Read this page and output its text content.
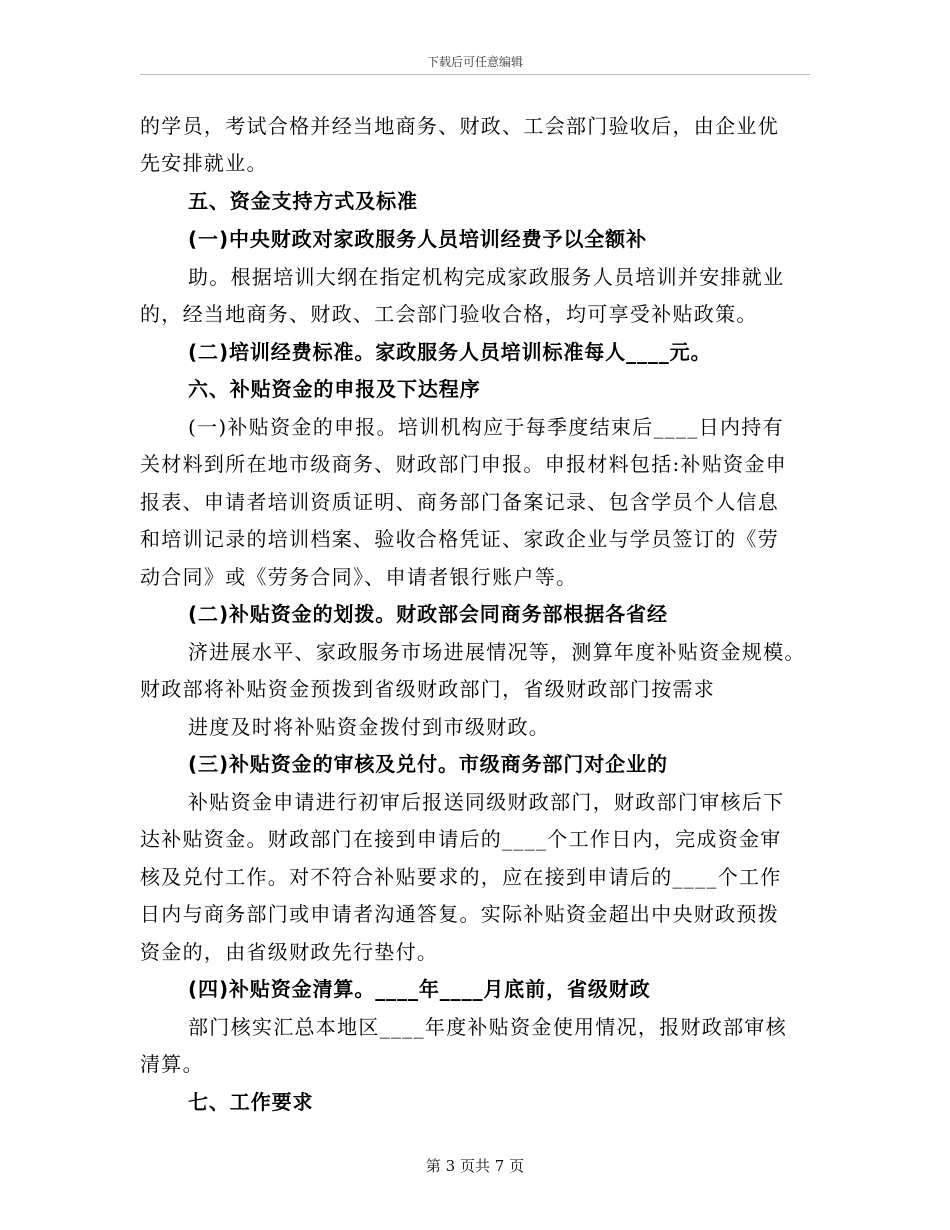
下载后可任意编辑
的学员，考试合格并经当地商务、财政、工会部门验收后，由企业优
先安排就业。
五、资金支持方式及标准
(一)中央财政对家政服务人员培训经费予以全额补
助。根据培训大纲在指定机构完成家政服务人员培训并安排就业
的，经当地商务、财政、工会部门验收合格，均可享受补贴政策。
(二)培训经费标准。家政服务人员培训标准每人____元。
六、补贴资金的申报及下达程序
(一)补贴资金的申报。培训机构应于每季度结束后____日内持有
关材料到所在地市级商务、财政部门申报。申报材料包括:补贴资金申
报表、申请者培训资质证明、商务部门备案记录、包含学员个人信息
和培训记录的培训档案、验收合格凭证、家政企业与学员签订的《劳
动合同》或《劳务合同》、申请者银行账户等。
(二)补贴资金的划拨。财政部会同商务部根据各省经
济进展水平、家政服务市场进展情况等，测算年度补贴资金规模。
财政部将补贴资金预拨到省级财政部门，省级财政部门按需求
进度及时将补贴资金拨付到市级财政。
(三)补贴资金的审核及兑付。市级商务部门对企业的
补贴资金申请进行初审后报送同级财政部门，财政部门审核后下
达补贴资金。财政部门在接到申请后的____个工作日内，完成资金审
核及兑付工作。对不符合补贴要求的，应在接到申请后的____个工作
日内与商务部门或申请者沟通答复。实际补贴资金超出中央财政预拨
资金的，由省级财政先行垫付。
(四)补贴资金清算。____年____月底前，省级财政
部门核实汇总本地区____年度补贴资金使用情况，报财政部审核
清算。
七、工作要求
第 3 页共 7 页
